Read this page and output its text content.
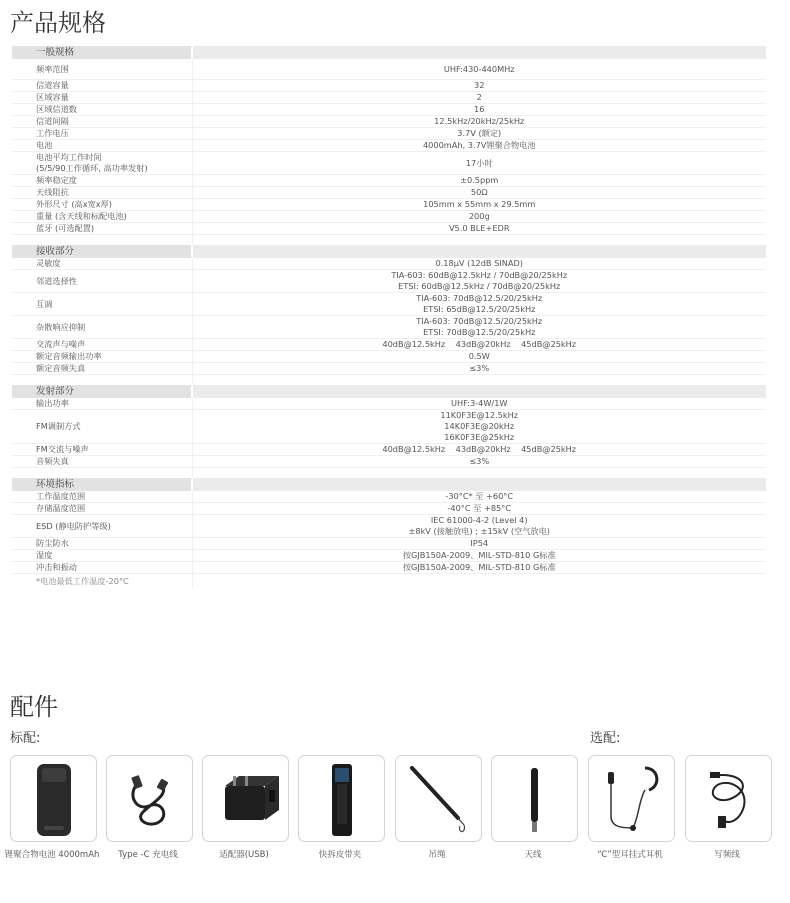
产品规格
一般规格	

频率范围	UHF:430-440MHz

信道容量	32

区域容量	2

区域信道数	16

信道间隔	12.5kHz/20kHz/25kHz

工作电压	3.7V (额定)

电池	4000mAh, 3.7V锂聚合物电池

电池平均工作时间
(5/5/90工作循环, 高功率发射)	17小时

频率稳定度	±0.5ppm

天线阻抗	50Ω

外形尺寸 (高x宽x厚)	105mm x 55mm x 29.5mm

重量 (含天线和标配电池)	200g

蓝牙 (可选配置)	V5.0 BLE+EDR

接收部分	

灵敏度	0.18μV (12dB SINAD)

邻道选择性	TIA-603: 60dB@12.5kHz / 70dB@20/25kHz
ETSI: 60dB@12.5kHz / 70dB@20/25kHz

互调	TIA-603: 70dB@12.5/20/25kHz
ETSI: 65dB@12.5/20/25kHz

杂散响应抑制	TIA-603: 70dB@12.5/20/25kHz
ETSI: 70dB@12.5/20/25kHz

交流声与噪声	40dB@12.5kHz    43dB@20kHz    45dB@25kHz

额定音频输出功率	0.5W

额定音频失真	≤3%

发射部分	

输出功率	UHF:3-4W/1W

FM调制方式	11K0F3E@12.5kHz
14K0F3E@20kHz
16K0F3E@25kHz

FM交流与噪声	40dB@12.5kHz    43dB@20kHz    45dB@25kHz

音频失真	≤3%

环境指标	

工作温度范围	-30°C* 至 +60°C

存储温度范围	-40°C 至 +85°C

ESD (静电防护等级)	IEC 61000-4-2 (Level 4)
±8kV (接触放电) ; ±15kV (空气放电)

防尘防水	IP54

湿度	按GJB150A-2009、MIL-STD-810 G标准

冲击和振动	按GJB150A-2009、MIL-STD-810 G标准

*电池最低工作温度-20°C	
配件
标配:	选配:
锂聚合物电池 4000mAh	Type -C 充电线	适配器(USB)	快拆皮带夹	吊绳	天线	“C”型耳挂式耳机	写频线
